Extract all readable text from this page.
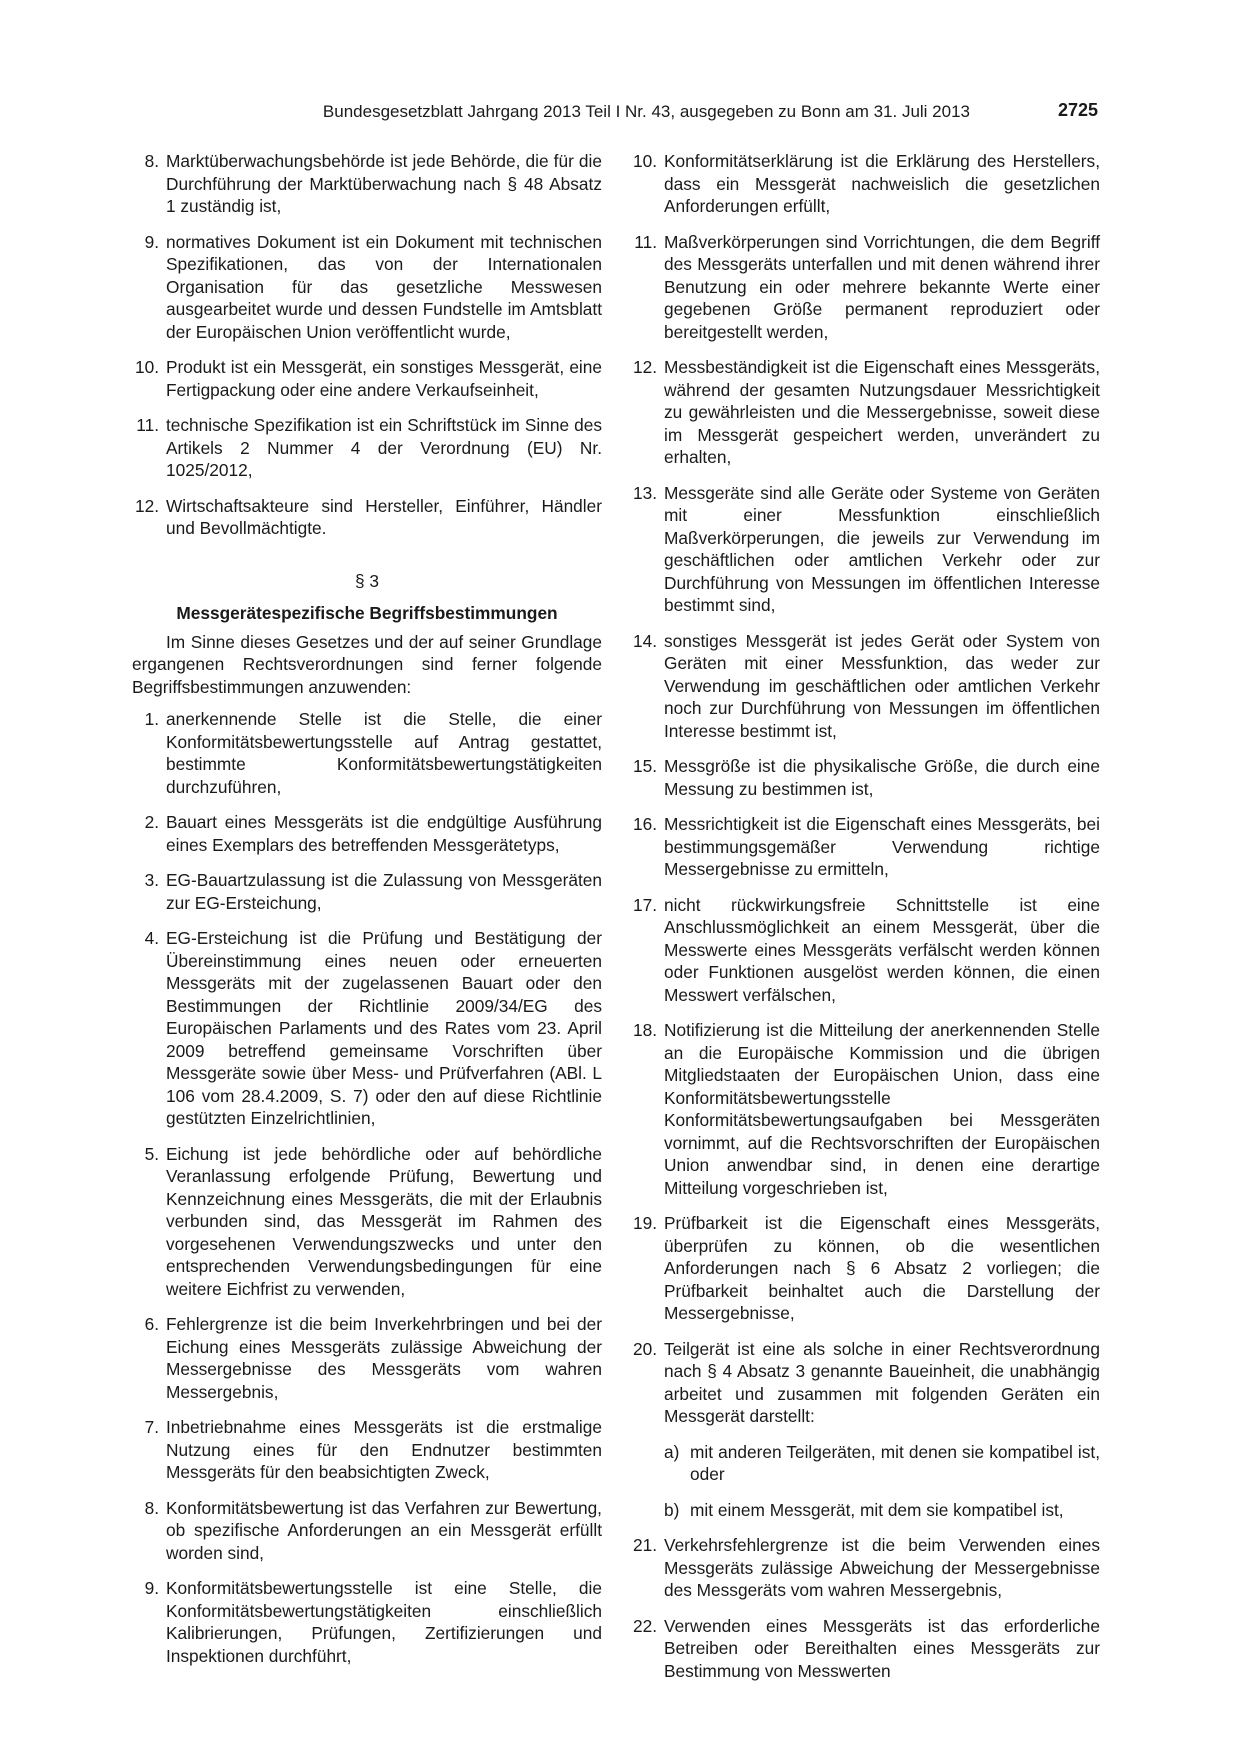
Bundesgesetzblatt Jahrgang 2013 Teil I Nr. 43, ausgegeben zu Bonn am 31. Juli 2013	2725
8. Marktüberwachungsbehörde ist jede Behörde, die für die Durchführung der Marktüberwachung nach § 48 Absatz 1 zuständig ist,
9. normatives Dokument ist ein Dokument mit technischen Spezifikationen, das von der Internationalen Organisation für das gesetzliche Messwesen ausgearbeitet wurde und dessen Fundstelle im Amtsblatt der Europäischen Union veröffentlicht wurde,
10. Produkt ist ein Messgerät, ein sonstiges Messgerät, eine Fertigpackung oder eine andere Verkaufseinheit,
11. technische Spezifikation ist ein Schriftstück im Sinne des Artikels 2 Nummer 4 der Verordnung (EU) Nr. 1025/2012,
12. Wirtschaftsakteure sind Hersteller, Einführer, Händler und Bevollmächtigte.
§ 3
Messgerätespezifische Begriffsbestimmungen
Im Sinne dieses Gesetzes und der auf seiner Grundlage ergangenen Rechtsverordnungen sind ferner folgende Begriffsbestimmungen anzuwenden:
1. anerkennende Stelle ist die Stelle, die einer Konformitätsbewertungsstelle auf Antrag gestattet, bestimmte Konformitätsbewertungstätigkeiten durchzuführen,
2. Bauart eines Messgeräts ist die endgültige Ausführung eines Exemplars des betreffenden Messgerätetyps,
3. EG-Bauartzulassung ist die Zulassung von Messgeräten zur EG-Ersteichung,
4. EG-Ersteichung ist die Prüfung und Bestätigung der Übereinstimmung eines neuen oder erneuerten Messgeräts mit der zugelassenen Bauart oder den Bestimmungen der Richtlinie 2009/34/EG des Europäischen Parlaments und des Rates vom 23. April 2009 betreffend gemeinsame Vorschriften über Messgeräte sowie über Mess- und Prüfverfahren (ABl. L 106 vom 28.4.2009, S. 7) oder den auf diese Richtlinie gestützten Einzelrichtlinien,
5. Eichung ist jede behördliche oder auf behördliche Veranlassung erfolgende Prüfung, Bewertung und Kennzeichnung eines Messgeräts, die mit der Erlaubnis verbunden sind, das Messgerät im Rahmen des vorgesehenen Verwendungszwecks und unter den entsprechenden Verwendungsbedingungen für eine weitere Eichfrist zu verwenden,
6. Fehlergrenze ist die beim Inverkehrbringen und bei der Eichung eines Messgeräts zulässige Abweichung der Messergebnisse des Messgeräts vom wahren Messergebnis,
7. Inbetriebnahme eines Messgeräts ist die erstmalige Nutzung eines für den Endnutzer bestimmten Messgeräts für den beabsichtigten Zweck,
8. Konformitätsbewertung ist das Verfahren zur Bewertung, ob spezifische Anforderungen an ein Messgerät erfüllt worden sind,
9. Konformitätsbewertungsstelle ist eine Stelle, die Konformitätsbewertungstätigkeiten einschließlich Kalibrierungen, Prüfungen, Zertifizierungen und Inspektionen durchführt,
10. Konformitätserklärung ist die Erklärung des Herstellers, dass ein Messgerät nachweislich die gesetzlichen Anforderungen erfüllt,
11. Maßverkörperungen sind Vorrichtungen, die dem Begriff des Messgeräts unterfallen und mit denen während ihrer Benutzung ein oder mehrere bekannte Werte einer gegebenen Größe permanent reproduziert oder bereitgestellt werden,
12. Messbeständigkeit ist die Eigenschaft eines Messgeräts, während der gesamten Nutzungsdauer Messrichtigkeit zu gewährleisten und die Messergebnisse, soweit diese im Messgerät gespeichert werden, unverändert zu erhalten,
13. Messgeräte sind alle Geräte oder Systeme von Geräten mit einer Messfunktion einschließlich Maßverkörperungen, die jeweils zur Verwendung im geschäftlichen oder amtlichen Verkehr oder zur Durchführung von Messungen im öffentlichen Interesse bestimmt sind,
14. sonstiges Messgerät ist jedes Gerät oder System von Geräten mit einer Messfunktion, das weder zur Verwendung im geschäftlichen oder amtlichen Verkehr noch zur Durchführung von Messungen im öffentlichen Interesse bestimmt ist,
15. Messgröße ist die physikalische Größe, die durch eine Messung zu bestimmen ist,
16. Messrichtigkeit ist die Eigenschaft eines Messgeräts, bei bestimmungsgemäßer Verwendung richtige Messergebnisse zu ermitteln,
17. nicht rückwirkungsfreie Schnittstelle ist eine Anschlussmöglichkeit an einem Messgerät, über die Messwerte eines Messgeräts verfälscht werden können oder Funktionen ausgelöst werden können, die einen Messwert verfälschen,
18. Notifizierung ist die Mitteilung der anerkennenden Stelle an die Europäische Kommission und die übrigen Mitgliedstaaten der Europäischen Union, dass eine Konformitätsbewertungsstelle Konformitätsbewertungsaufgaben bei Messgeräten vornimmt, auf die Rechtsvorschriften der Europäischen Union anwendbar sind, in denen eine derartige Mitteilung vorgeschrieben ist,
19. Prüfbarkeit ist die Eigenschaft eines Messgeräts, überprüfen zu können, ob die wesentlichen Anforderungen nach § 6 Absatz 2 vorliegen; die Prüfbarkeit beinhaltet auch die Darstellung der Messergebnisse,
20. Teilgerät ist eine als solche in einer Rechtsverordnung nach § 4 Absatz 3 genannte Baueinheit, die unabhängig arbeitet und zusammen mit folgenden Geräten ein Messgerät darstellt:
a) mit anderen Teilgeräten, mit denen sie kompatibel ist, oder
b) mit einem Messgerät, mit dem sie kompatibel ist,
21. Verkehrsfehlergrenze ist die beim Verwenden eines Messgeräts zulässige Abweichung der Messergebnisse des Messgeräts vom wahren Messergebnis,
22. Verwenden eines Messgeräts ist das erforderliche Betreiben oder Bereithalten eines Messgeräts zur Bestimmung von Messwerten
